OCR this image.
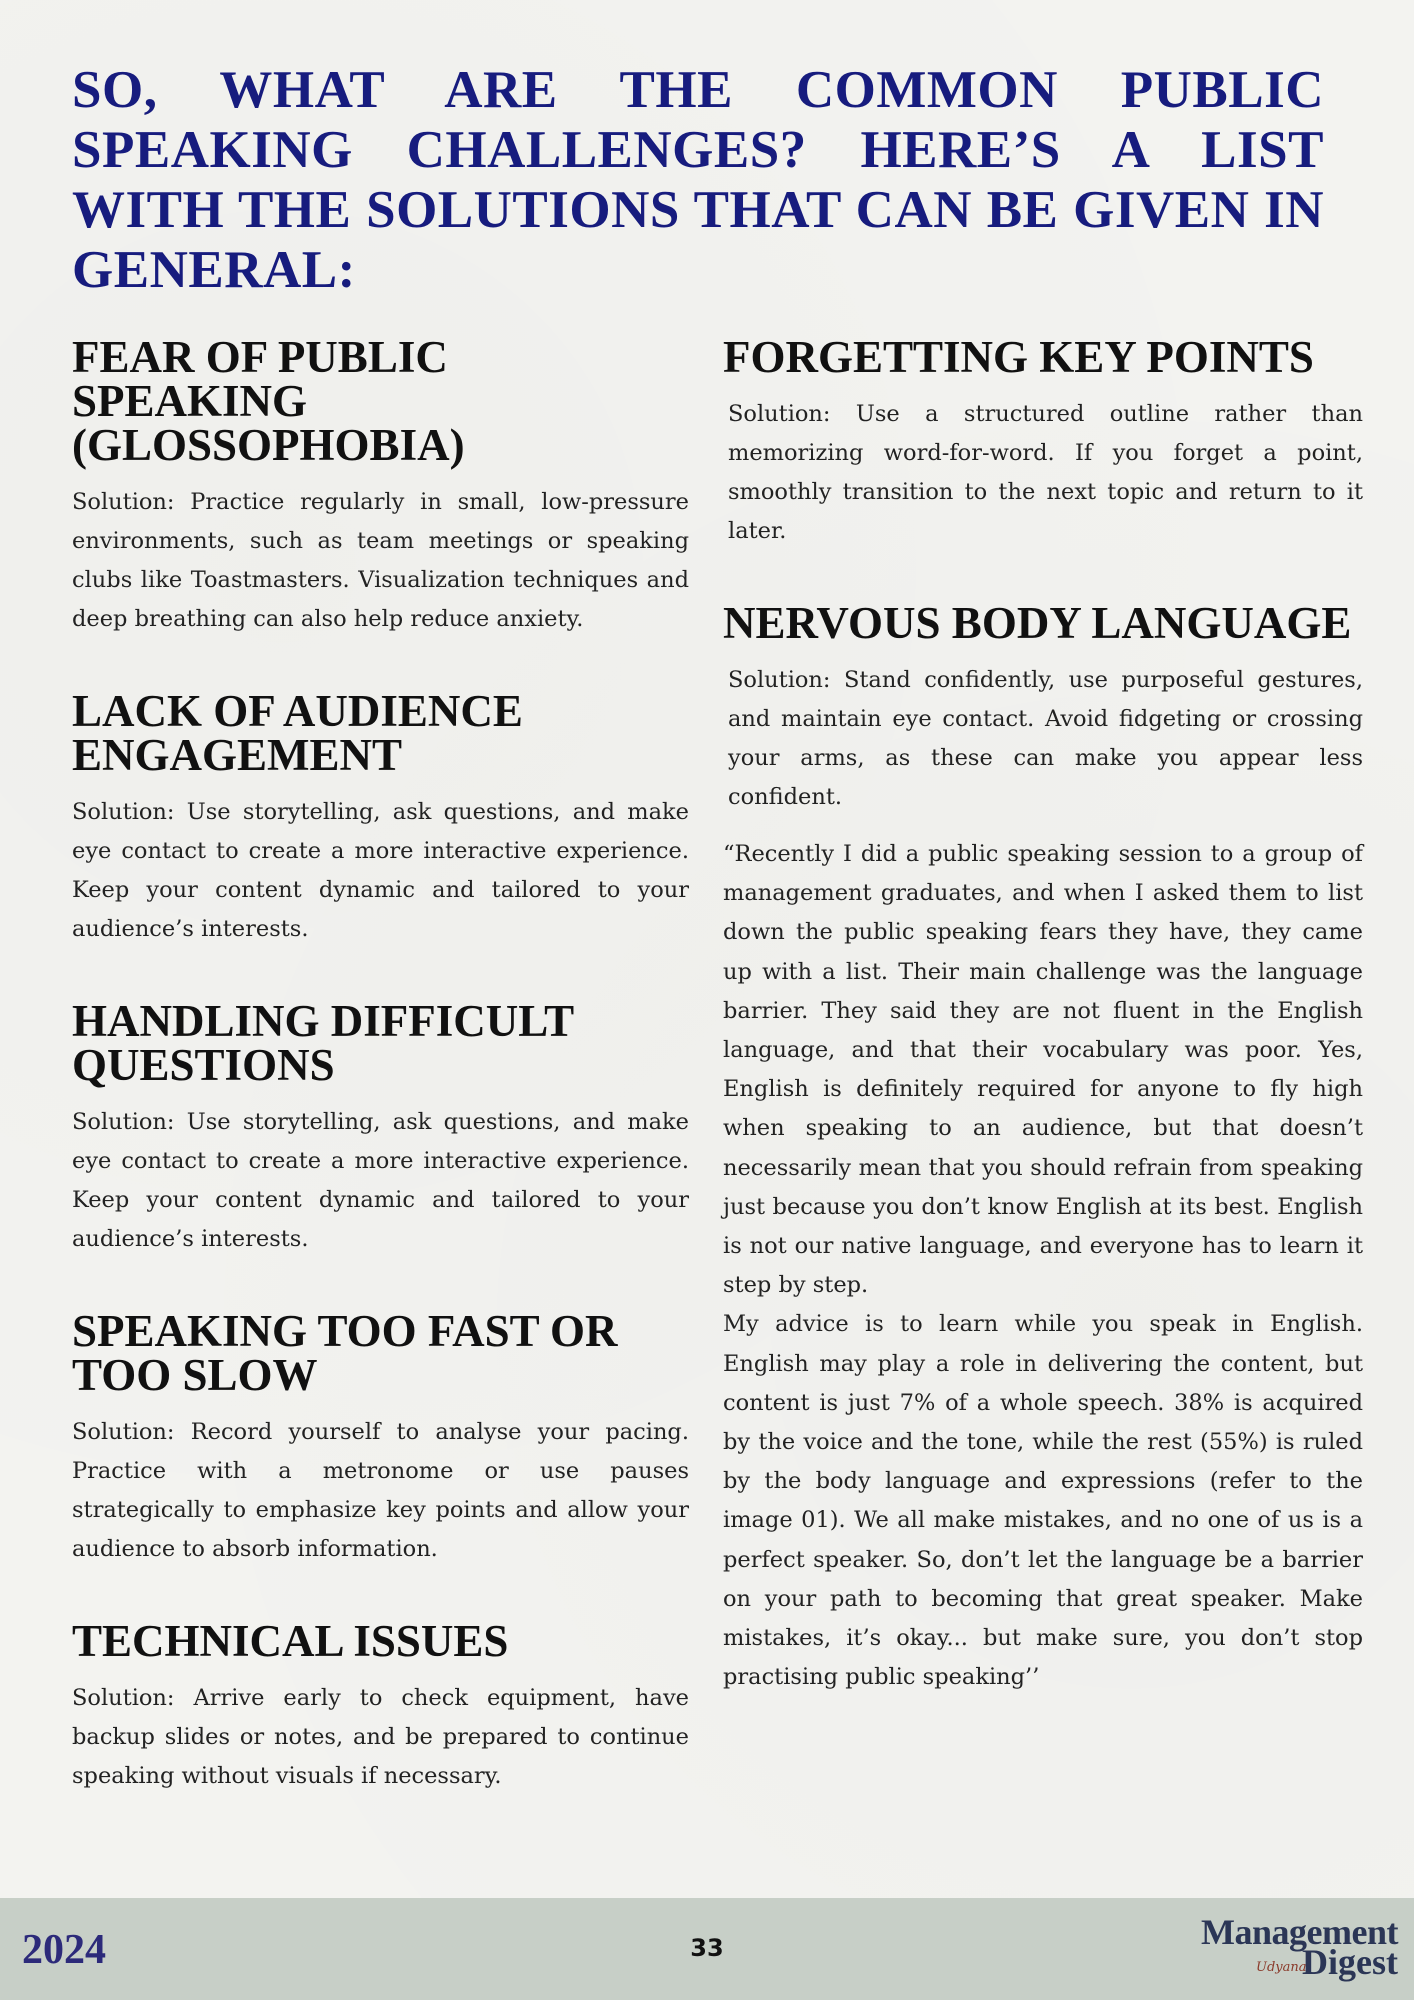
SO, WHAT ARE THE COMMON PUBLIC SPEAKING CHALLENGES? HERE’S A LIST WITH THE SOLUTIONS THAT CAN BE GIVEN IN GENERAL:
FEAR OF PUBLIC SPEAKING (GLOSSOPHOBIA)

Solution: Practice regularly in small, low-pressure environments, such as team meetings or speaking clubs like Toastmasters. Visualization techniques and deep breathing can also help reduce anxiety.

LACK OF AUDIENCE ENGAGEMENT

Solution: Use storytelling, ask questions, and make eye contact to create a more interactive experience. Keep your content dynamic and tailored to your audience’s interests.

HANDLING DIFFICULT QUESTIONS

Solution: Use storytelling, ask questions, and make eye contact to create a more interactive experience. Keep your content dynamic and tailored to your audience’s interests.

SPEAKING TOO FAST OR TOO SLOW

Solution: Record yourself to analyse your pacing. Practice with a metronome or use pauses strategically to emphasize key points and allow your audience to absorb information.

TECHNICAL ISSUES

Solution: Arrive early to check equipment, have backup slides or notes, and be prepared to continue speaking without visuals if necessary.

FORGETTING KEY POINTS

Solution: Use a structured outline rather than memorizing word-for-word. If you forget a point, smoothly transition to the next topic and return to it later.

NERVOUS BODY LANGUAGE

Solution: Stand confidently, use purposeful gestures, and maintain eye contact. Avoid fidgeting or crossing your arms, as these can make you appear less confident.

“Recently I did a public speaking session to a group of management graduates, and when I asked them to list down the public speaking fears they have, they came up with a list. Their main challenge was the language barrier. They said they are not fluent in the English language, and that their vocabulary was poor. Yes, English is definitely required for anyone to fly high when speaking to an audience, but that doesn’t necessarily mean that you should refrain from speaking just because you don’t know English at its best. English is not our native language, and everyone has to learn it step by step.

My advice is to learn while you speak in English. English may play a role in delivering the content, but content is just 7% of a whole speech. 38% is acquired by the voice and the tone, while the rest (55%) is ruled by the body language and expressions (refer to the image 01). We all make mistakes, and no one of us is a perfect speaker. So, don’t let the language be a barrier on your path to becoming that great speaker. Make mistakes, it’s okay... but make sure, you don’t stop practising public speaking’’

2024	33	Management
Digest
Udyana
